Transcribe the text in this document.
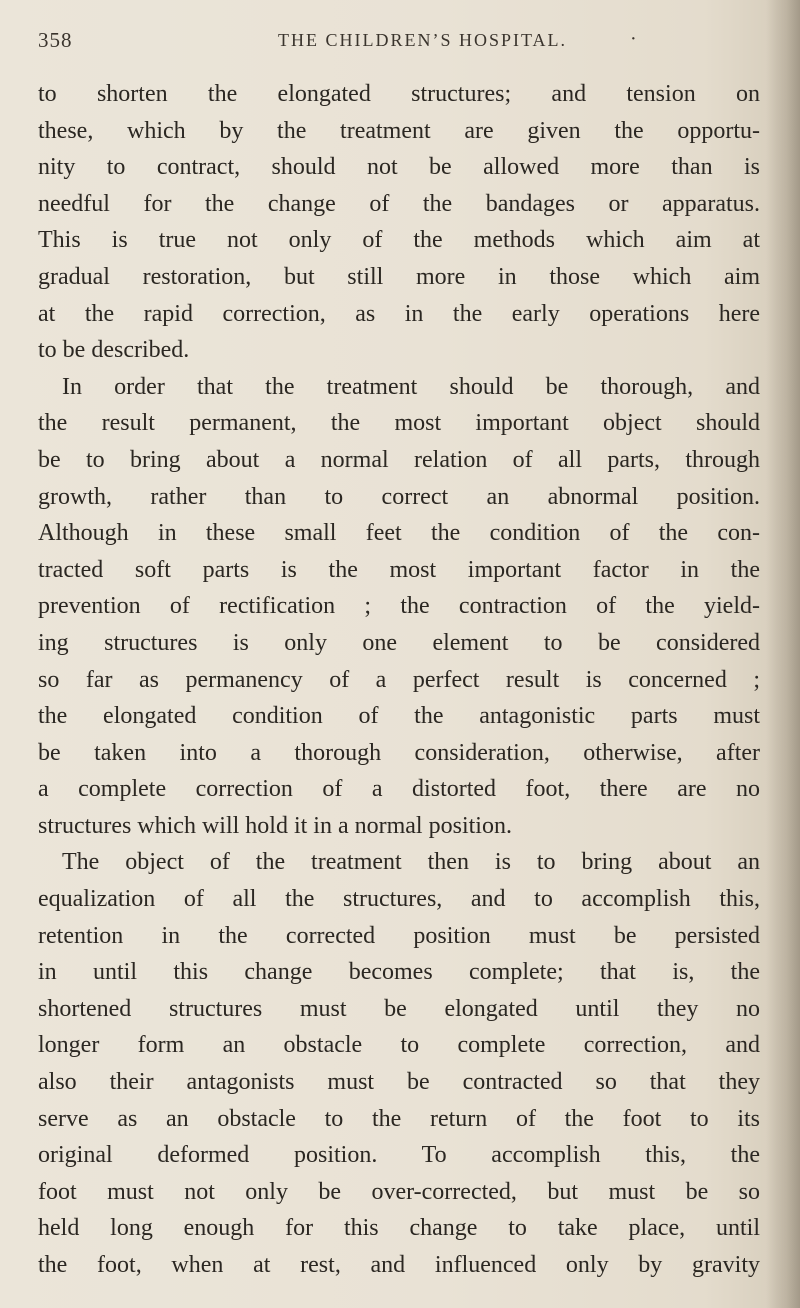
358	THE CHILDREN’S HOSPITAL.	·
to shorten the elongated structures; and tension on
these, which by the treatment are given the opportu-
nity to contract, should not be allowed more than is
needful for the change of the bandages or apparatus.
This is true not only of the methods which aim at
gradual restoration, but still more in those which aim
at the rapid correction, as in the early operations here
to be described.
In order that the treatment should be thorough, and
the result permanent, the most important object should
be to bring about a normal relation of all parts, through
growth, rather than to correct an abnormal position.
Although in these small feet the condition of the con-
tracted soft parts is the most important factor in the
prevention of rectification ; the contraction of the yield-
ing structures is only one element to be considered
so far as permanency of a perfect result is concerned ;
the elongated condition of the antagonistic parts must
be taken into a thorough consideration, otherwise, after
a complete correction of a distorted foot, there are no
structures which will hold it in a normal position.
The object of the treatment then is to bring about an
equalization of all the structures, and to accomplish this,
retention in the corrected position must be persisted
in until this change becomes complete; that is, the
shortened structures must be elongated until they no
longer form an obstacle to complete correction, and
also their antagonists must be contracted so that they
serve as an obstacle to the return of the foot to its
original deformed position. To accomplish this, the
foot must not only be over-corrected, but must be so
held long enough for this change to take place, until
the foot, when at rest, and influenced only by gravity
